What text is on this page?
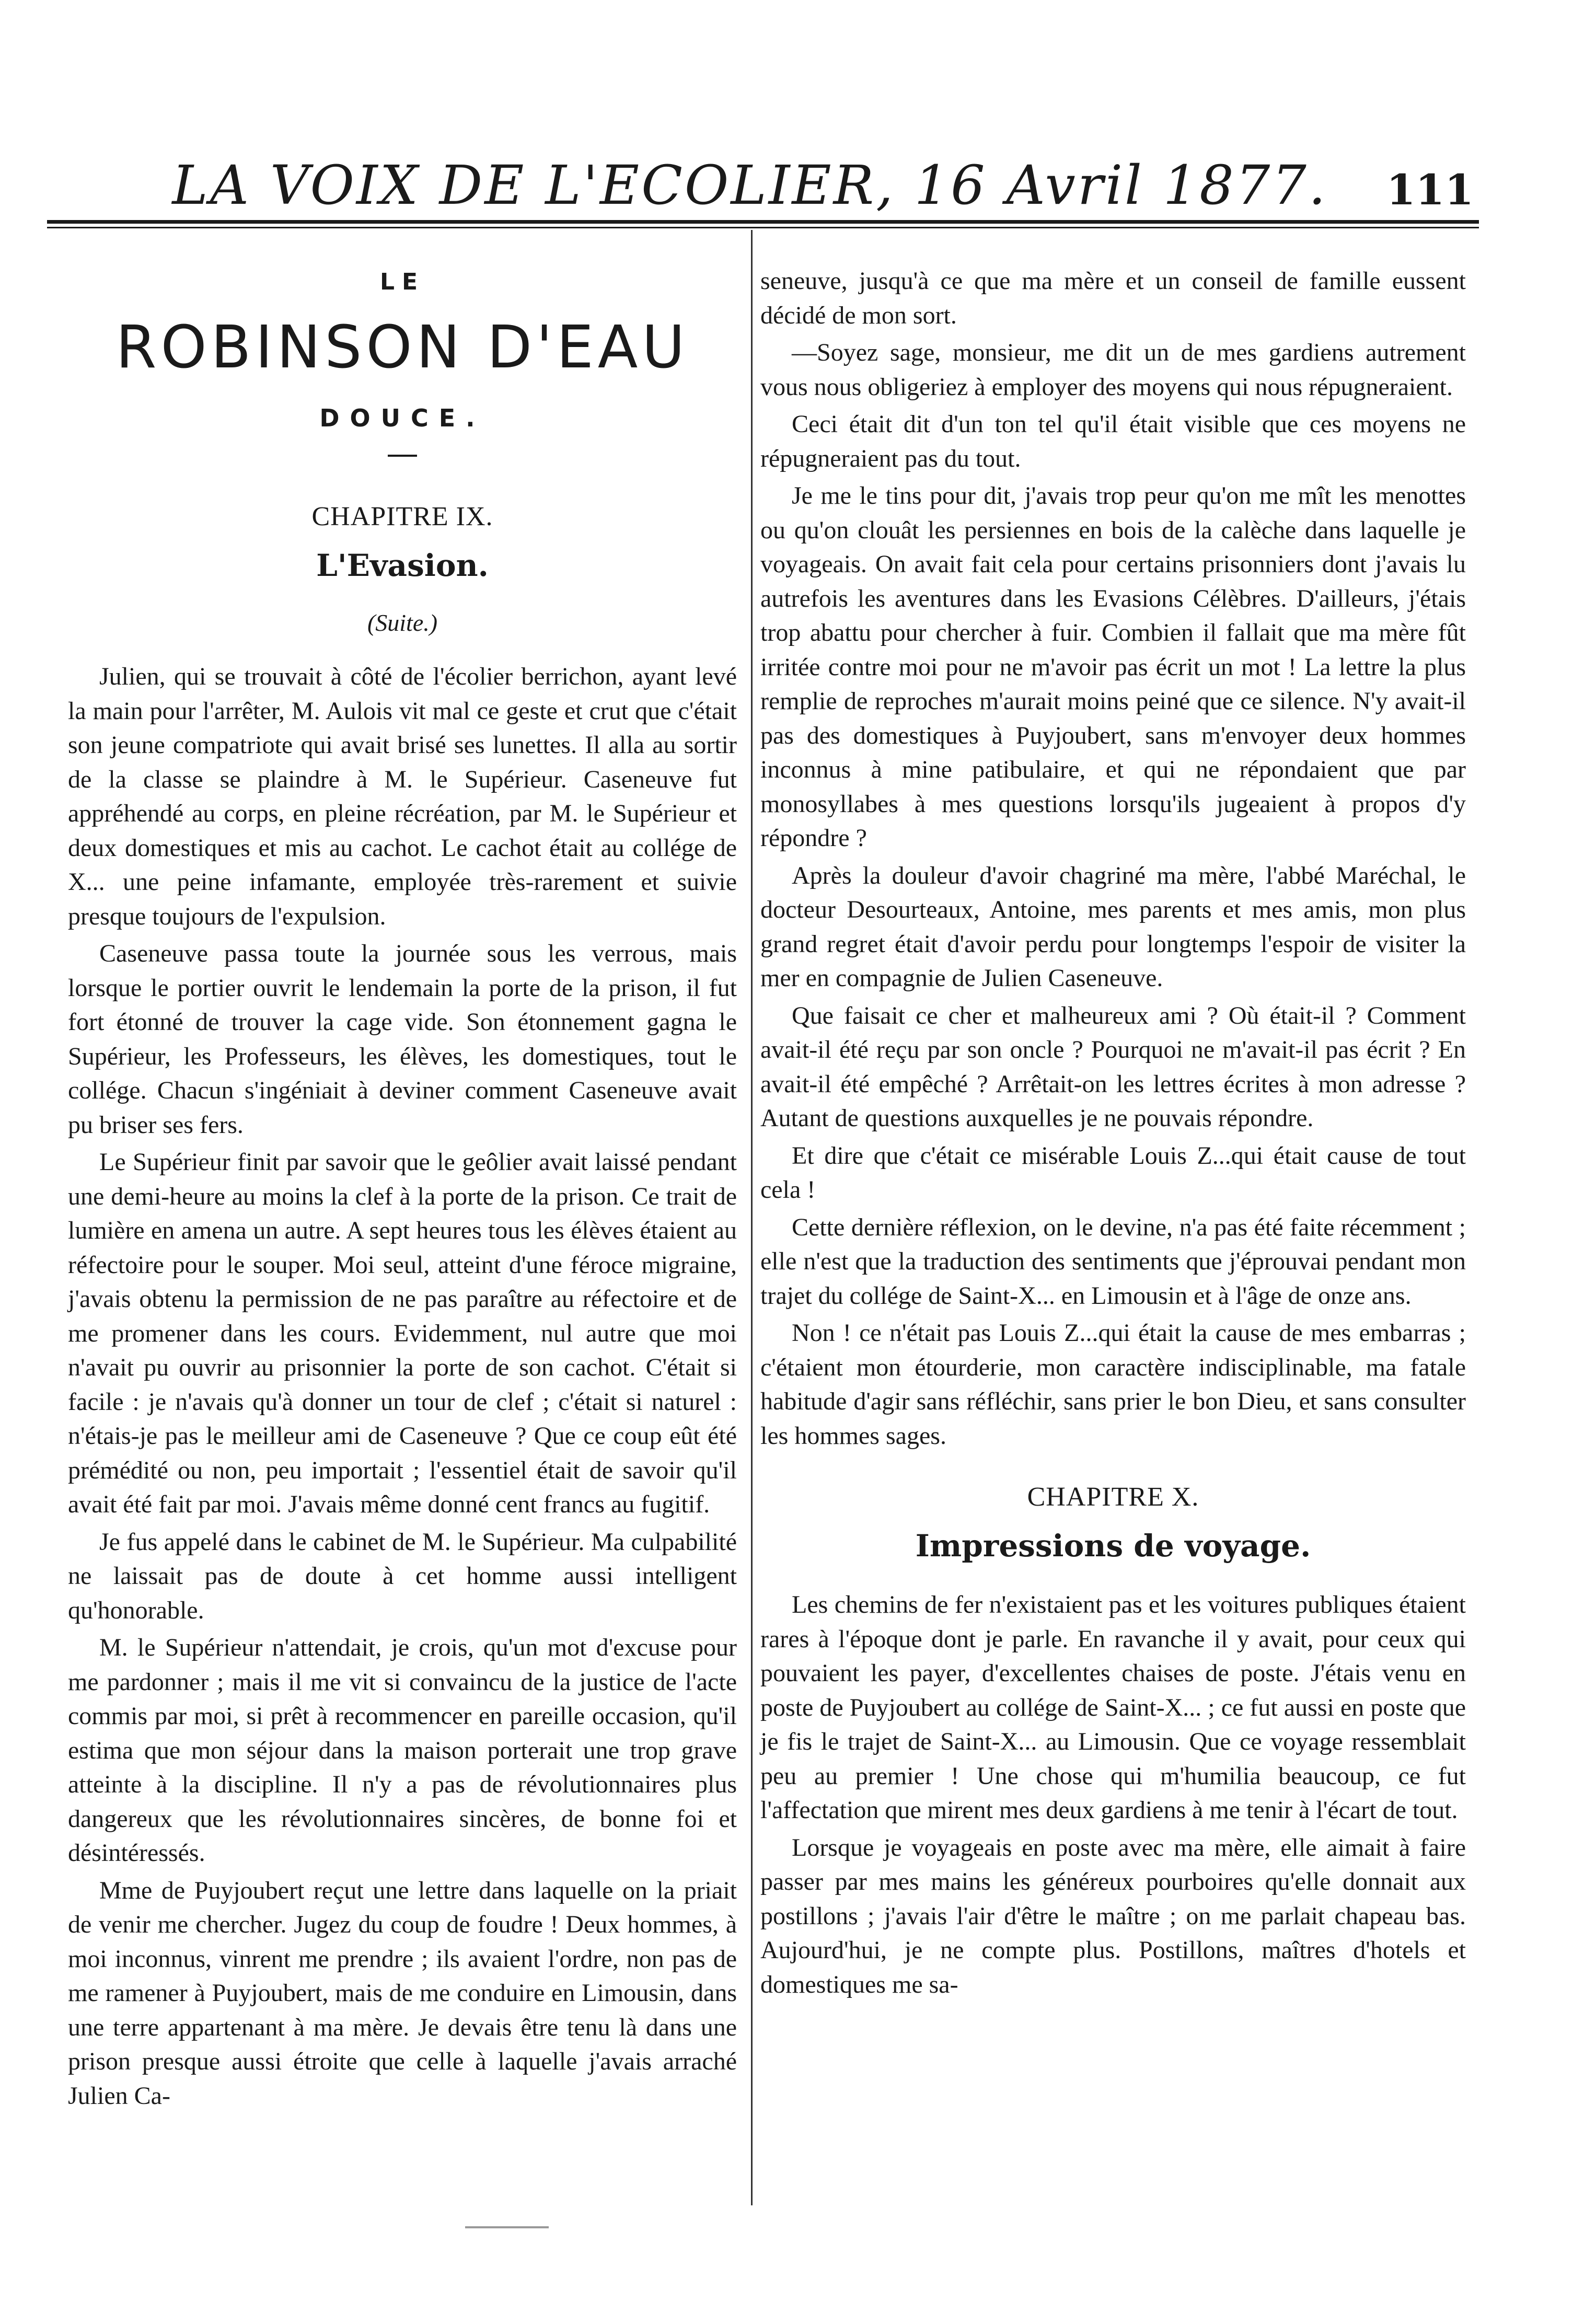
LA VOIX DE L'ECOLIER, 16 Avril 1877.	111
LE
ROBINSON D'EAU
DOUCE.
CHAPITRE IX.
L'Evasion.
(Suite.)

Julien, qui se trouvait à côté de l'écolier berrichon, ayant levé la main pour l'arrêter, M. Aulois vit mal ce geste et crut que c'était son jeune compatriote qui avait brisé ses lunettes. Il alla au sortir de la classe se plaindre à M. le Supérieur. Caseneuve fut appréhendé au corps, en pleine récréation, par M. le Supérieur et deux domestiques et mis au cachot. Le cachot était au collége de X... une peine infamante, employée très-rarement et suivie presque toujours de l'expulsion.

Caseneuve passa toute la journée sous les verrous, mais lorsque le portier ouvrit le lendemain la porte de la prison, il fut fort étonné de trouver la cage vide. Son étonnement gagna le Supérieur, les Professeurs, les élèves, les domestiques, tout le collége. Chacun s'ingéniait à deviner comment Caseneuve avait pu briser ses fers.

Le Supérieur finit par savoir que le geôlier avait laissé pendant une demi-heure au moins la clef à la porte de la prison. Ce trait de lumière en amena un autre. A sept heures tous les élèves étaient au réfectoire pour le souper. Moi seul, atteint d'une féroce migraine, j'avais obtenu la permission de ne pas paraître au réfectoire et de me promener dans les cours. Evidemment, nul autre que moi n'avait pu ouvrir au prisonnier la porte de son cachot. C'était si facile : je n'avais qu'à donner un tour de clef ; c'était si naturel : n'étais-je pas le meilleur ami de Caseneuve ? Que ce coup eût été prémédité ou non, peu importait ; l'essentiel était de savoir qu'il avait été fait par moi. J'avais même donné cent francs au fugitif.

Je fus appelé dans le cabinet de M. le Supérieur. Ma culpabilité ne laissait pas de doute à cet homme aussi intelligent qu'honorable.

M. le Supérieur n'attendait, je crois, qu'un mot d'excuse pour me pardonner ; mais il me vit si convaincu de la justice de l'acte commis par moi, si prêt à recommencer en pareille occasion, qu'il estima que mon séjour dans la maison porterait une trop grave atteinte à la discipline. Il n'y a pas de révolutionnaires plus dangereux que les révolutionnaires sincères, de bonne foi et désintéressés.

Mme de Puyjoubert reçut une lettre dans laquelle on la priait de venir me chercher. Jugez du coup de foudre ! Deux hommes, à moi inconnus, vinrent me prendre ; ils avaient l'ordre, non pas de me ramener à Puyjoubert, mais de me conduire en Limousin, dans une terre appartenant à ma mère. Je devais être tenu là dans une prison presque aussi étroite que celle à laquelle j'avais arraché Julien Ca-

seneuve, jusqu'à ce que ma mère et un conseil de famille eussent décidé de mon sort.

—Soyez sage, monsieur, me dit un de mes gardiens autrement vous nous obligeriez à employer des moyens qui nous répugneraient.

Ceci était dit d'un ton tel qu'il était visible que ces moyens ne répugneraient pas du tout.

Je me le tins pour dit, j'avais trop peur qu'on me mît les menottes ou qu'on clouât les persiennes en bois de la calèche dans laquelle je voyageais. On avait fait cela pour certains prisonniers dont j'avais lu autrefois les aventures dans les Evasions Célèbres. D'ailleurs, j'étais trop abattu pour chercher à fuir. Combien il fallait que ma mère fût irritée contre moi pour ne m'avoir pas écrit un mot ! La lettre la plus remplie de reproches m'aurait moins peiné que ce silence. N'y avait-il pas des domestiques à Puyjoubert, sans m'envoyer deux hommes inconnus à mine patibulaire, et qui ne répondaient que par monosyllabes à mes questions lorsqu'ils jugeaient à propos d'y répondre ?

Après la douleur d'avoir chagriné ma mère, l'abbé Maréchal, le docteur Desourteaux, Antoine, mes parents et mes amis, mon plus grand regret était d'avoir perdu pour longtemps l'espoir de visiter la mer en compagnie de Julien Caseneuve.

Que faisait ce cher et malheureux ami ? Où était-il ? Comment avait-il été reçu par son oncle ? Pourquoi ne m'avait-il pas écrit ? En avait-il été empêché ? Arrêtait-on les lettres écrites à mon adresse ? Autant de questions auxquelles je ne pouvais répondre.

Et dire que c'était ce misérable Louis Z...qui était cause de tout cela !

Cette dernière réflexion, on le devine, n'a pas été faite récemment ; elle n'est que la traduction des sentiments que j'éprouvai pendant mon trajet du collége de Saint-X... en Limousin et à l'âge de onze ans.

Non ! ce n'était pas Louis Z...qui était la cause de mes embarras ; c'étaient mon étourderie, mon caractère indisciplinable, ma fatale habitude d'agir sans réfléchir, sans prier le bon Dieu, et sans consulter les hommes sages.

CHAPITRE X.
Impressions de voyage.

Les chemins de fer n'existaient pas et les voitures publiques étaient rares à l'époque dont je parle. En ravanche il y avait, pour ceux qui pouvaient les payer, d'excellentes chaises de poste. J'étais venu en poste de Puyjoubert au collége de Saint-X... ; ce fut aussi en poste que je fis le trajet de Saint-X... au Limousin. Que ce voyage ressemblait peu au premier ! Une chose qui m'humilia beaucoup, ce fut l'affectation que mirent mes deux gardiens à me tenir à l'écart de tout.

Lorsque je voyageais en poste avec ma mère, elle aimait à faire passer par mes mains les généreux pourboires qu'elle donnait aux postillons ; j'avais l'air d'être le maître ; on me parlait chapeau bas. Aujourd'hui, je ne compte plus. Postillons, maîtres d'hotels et domestiques me sa-
